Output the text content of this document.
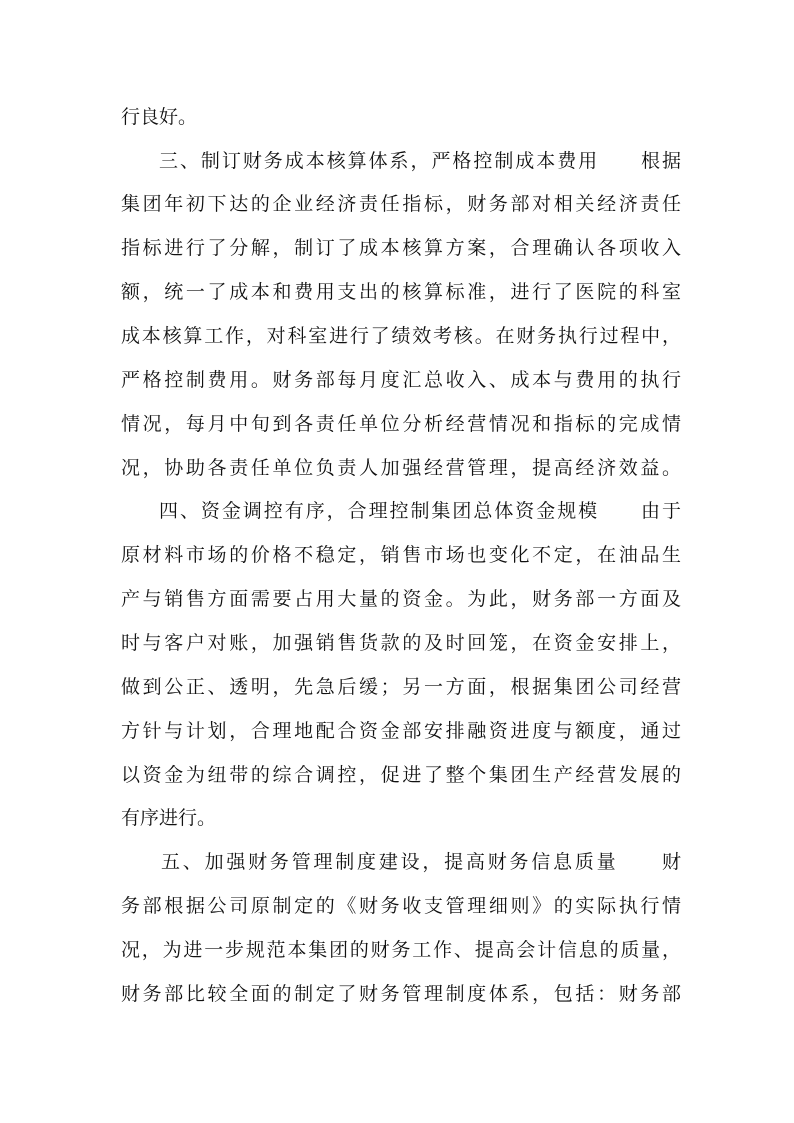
行良好。
三、制订财务成本核算体系，严格控制成本费用　　根据
集团年初下达的企业经济责任指标，财务部对相关经济责任
指标进行了分解，制订了成本核算方案，合理确认各项收入
额，统一了成本和费用支出的核算标准，进行了医院的科室
成本核算工作，对科室进行了绩效考核。在财务执行过程中，
严格控制费用。财务部每月度汇总收入、成本与费用的执行
情况，每月中旬到各责任单位分析经营情况和指标的完成情
况，协助各责任单位负责人加强经营管理，提高经济效益。
四、资金调控有序，合理控制集团总体资金规模　　由于
原材料市场的价格不稳定，销售市场也变化不定，在油品生
产与销售方面需要占用大量的资金。为此，财务部一方面及
时与客户对账，加强销售货款的及时回笼，在资金安排上，
做到公正、透明，先急后缓；另一方面，根据集团公司经营
方针与计划，合理地配合资金部安排融资进度与额度，通过
以资金为纽带的综合调控，促进了整个集团生产经营发展的
有序进行。
五、加强财务管理制度建设，提高财务信息质量　　财
务部根据公司原制定的《财务收支管理细则》的实际执行情
况，为进一步规范本集团的财务工作、提高会计信息的质量，
财务部比较全面的制定了财务管理制度体系，包括：财务部
